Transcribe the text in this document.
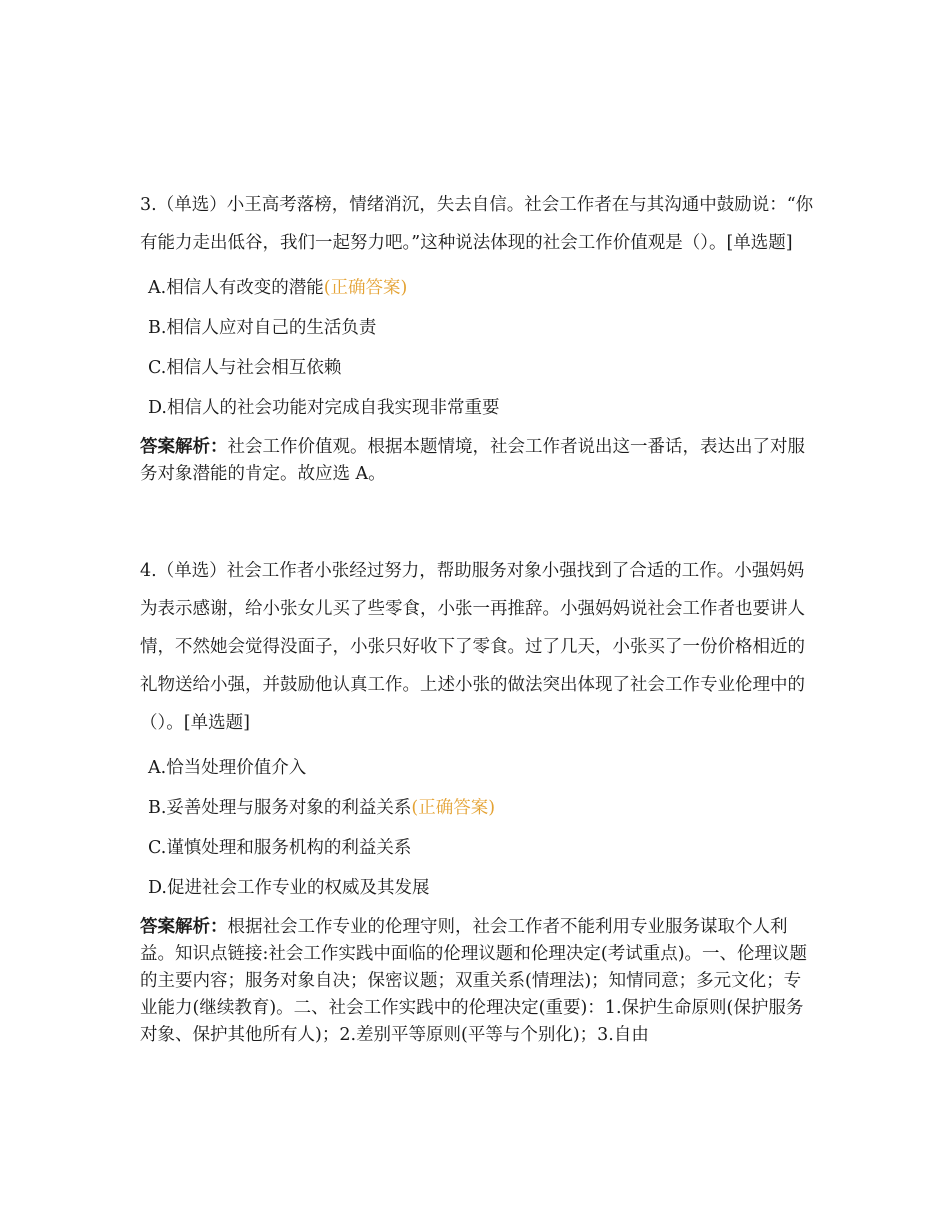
3.（单选）小王高考落榜，情绪消沉，失去自信。社会工作者在与其沟通中鼓励说：“你有能力走出低谷，我们一起努力吧。”这种说法体现的社会工作价值观是（）。[单选题]

A.相信人有改变的潜能(正确答案)
B.相信人应对自己的生活负责
C.相信人与社会相互依赖
D.相信人的社会功能对完成自我实现非常重要

答案解析：社会工作价值观。根据本题情境，社会工作者说出这一番话，表达出了对服务对象潜能的肯定。故应选 A。

4.（单选）社会工作者小张经过努力，帮助服务对象小强找到了合适的工作。小强妈妈为表示感谢，给小张女儿买了些零食，小张一再推辞。小强妈妈说社会工作者也要讲人情，不然她会觉得没面子，小张只好收下了零食。过了几天，小张买了一份价格相近的礼物送给小强，并鼓励他认真工作。上述小张的做法突出体现了社会工作专业伦理中的（）。[单选题]

A.恰当处理价值介入
B.妥善处理与服务对象的利益关系(正确答案)
C.谨慎处理和服务机构的利益关系
D.促进社会工作专业的权威及其发展

答案解析：根据社会工作专业的伦理守则，社会工作者不能利用专业服务谋取个人利益。知识点链接:社会工作实践中面临的伦理议题和伦理决定(考试重点)。一、伦理议题的主要内容；服务对象自决；保密议题；双重关系(情理法)；知情同意；多元文化；专业能力(继续教育)。二、社会工作实践中的伦理决定(重要)：1.保护生命原则(保护服务对象、保护其他所有人)；2.差别平等原则(平等与个别化)；3.自由
